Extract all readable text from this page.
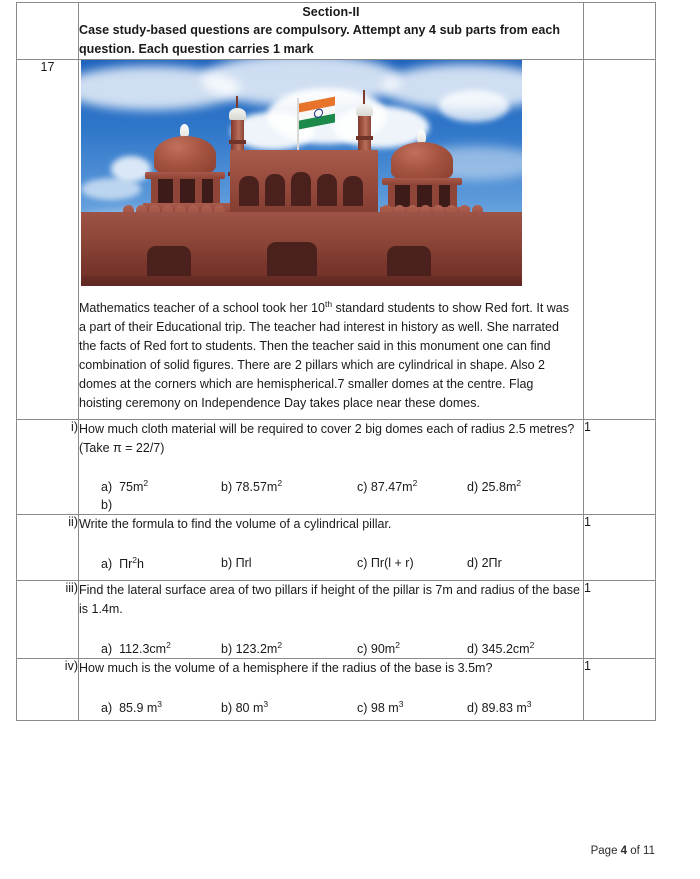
	Section-II
Case study-based questions are compulsory. Attempt any 4 sub parts from each question. Each question carries 1 mark	

17	Mathematics teacher of a school took her 10th standard students to show Red fort. It was a part of their Educational trip. The teacher had interest in history as well. She narrated the facts of Red fort to students. Then the teacher said in this monument one can find combination of solid figures. There are 2 pillars which are cylindrical in shape. Also 2 domes at the corners which are hemispherical.7 smaller domes at the centre. Flag hoisting ceremony on Independence Day takes place near these domes.	

i)	How much cloth material will be required to cover 2 big domes each of radius 2.5 metres? (Take π = 22/7)
a) $75m^2$	b) $78.57m^2$	c) $87.47m^2$	d) $25.8m^2$
b)
	1
ii)	Write the formula to find the volume of a cylindrical pillar.
a) $\Pi r^2h$ b) Πrl c) Πr(l + r) d) 2Πr	1
iii)	Find the lateral surface area of two pillars if height of the pillar is 7m and radius of the base is 1.4m.
a) $112.3cm^2$ b) $123.2m^2$ c) $90m^2$ d) $345.2cm^2$	1
iv)	How much is the volume of a hemisphere if the radius of the base is 3.5m?
a) 85.9 $m^3$ b) 80 $m^3$ c) 98 $m^3$ d) 89.83 $m^3$	1
Page 4 of 11
